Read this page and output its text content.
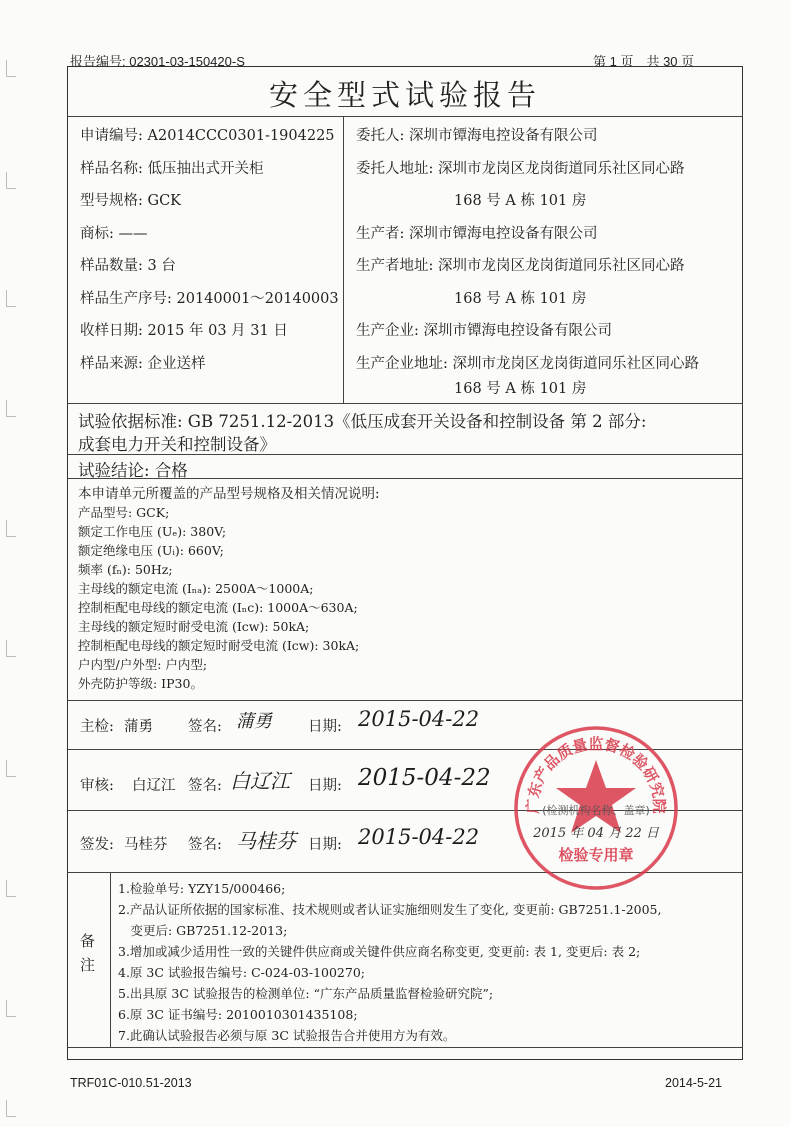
报告编号: 02301-03-150420-S	第 1 页　共 30 页
安全型式试验报告
申请编号: A2014CCC0301-1904225
样品名称: 低压抽出式开关柜
型号规格: GCK
商标: ——
样品数量: 3 台
样品生产序号: 20140001～20140003
收样日期: 2015 年 03 月 31 日
样品来源: 企业送样
委托人: 深圳市镡海电控设备有限公司
委托人地址: 深圳市龙岗区龙岗街道同乐社区同心路
168 号 A 栋 101 房
生产者: 深圳市镡海电控设备有限公司
生产者地址: 深圳市龙岗区龙岗街道同乐社区同心路
168 号 A 栋 101 房
生产企业: 深圳市镡海电控设备有限公司
生产企业地址: 深圳市龙岗区龙岗街道同乐社区同心路
168 号 A 栋 101 房
试验依据标准: GB 7251.12-2013《低压成套开关设备和控制设备 第 2 部分:
成套电力开关和控制设备》
试验结论: 合格
本申请单元所覆盖的产品型号规格及相关情况说明:
产品型号: GCK;
额定工作电压 (Uₑ): 380V;
额定绝缘电压 (Uᵢ): 660V;
频率 (fₙ): 50Hz;
主母线的额定电流 (Iₙₐ): 2500A～1000A;
控制柜配电母线的额定电流 (Iₙc): 1000A～630A;
主母线的额定短时耐受电流 (Icw): 50kA;
控制柜配电母线的额定短时耐受电流 (Icw): 30kA;
户内型/户外型: 户内型;
外壳防护等级: IP30。
主检: 蒲勇 签名: 蒲勇 日期: 2015-04-22
审核: 白辽江 签名: 白辽江 日期: 2015-04-22
签发: 马桂芬 签名: 马桂芬 日期: 2015-04-22
备　注
1.检验单号: YZY15/000466;
2.产品认证所依据的国家标准、技术规则或者认证实施细则发生了变化, 变更前: GB7251.1-2005,
　变更后: GB7251.12-2013;
3.增加或减少适用性一致的关键件供应商或关键件供应商名称变更, 变更前: 表 1, 变更后: 表 2;
4.原 3C 试验报告编号: C-024-03-100270;
5.出具原 3C 试验报告的检测单位: “广东产品质量监督检验研究院”;
6.原 3C 证书编号: 2010010301435108;
7.此确认试验报告必须与原 3C 试验报告合并使用方为有效。
广东产品质量监督检验研究院
(检测机构名称、盖章)
2015 年 04 月 22 日
检验专用章
TRF01C-010.51-2013	2014-5-21
